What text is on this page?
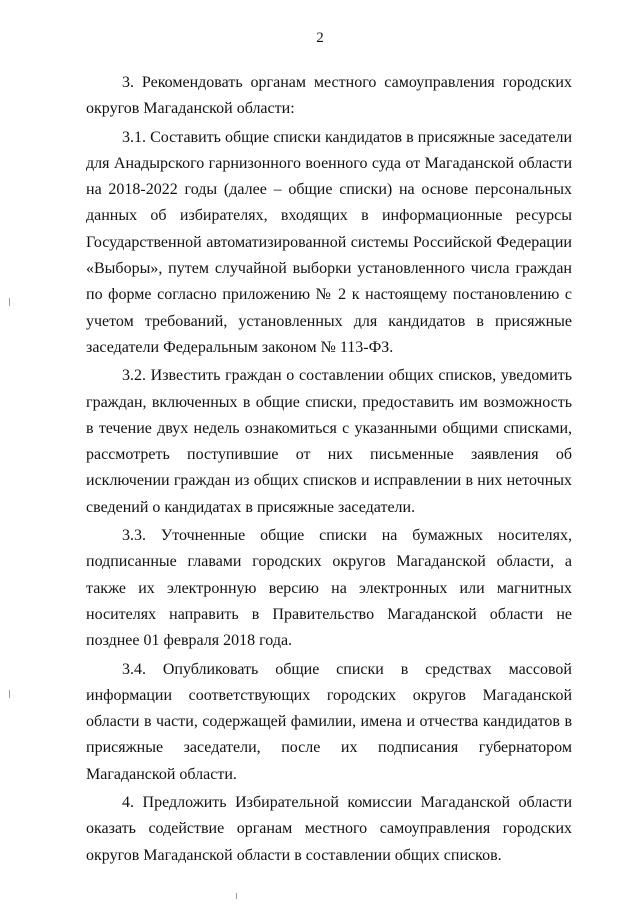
2

3. Рекомендовать органам местного самоуправления городских округов Магаданской области:

3.1. Составить общие списки кандидатов в присяжные заседатели для Анадырского гарнизонного военного суда от Магаданской области на 2018-2022 годы (далее – общие списки) на основе персональных данных об избирателях, входящих в информационные ресурсы Государственной автоматизированной системы Российской Федерации «Выборы», путем случайной выборки установленного числа граждан по форме согласно приложению № 2 к настоящему постановлению с учетом требований, установленных для кандидатов в присяжные заседатели Федеральным законом № 113-ФЗ.

3.2. Известить граждан о составлении общих списков, уведомить граждан, включенных в общие списки, предоставить им возможность в течение двух недель ознакомиться с указанными общими списками, рассмотреть поступившие от них письменные заявления об исключении граждан из общих списков и исправлении в них неточных сведений о кандидатах в присяжные заседатели.

3.3. Уточненные общие списки на бумажных носителях, подписанные главами городских округов Магаданской области, а также их электронную версию на электронных или магнитных носителях направить в Правительство Магаданской области не позднее 01 февраля 2018 года.

3.4. Опубликовать общие списки в средствах массовой информации соответствующих городских округов Магаданской области в части, содержащей фамилии, имена и отчества кандидатов в присяжные заседатели, после их подписания губернатором Магаданской области.

4. Предложить Избирательной комиссии Магаданской области оказать содействие органам местного самоуправления городских округов Магаданской области в составлении общих списков.
